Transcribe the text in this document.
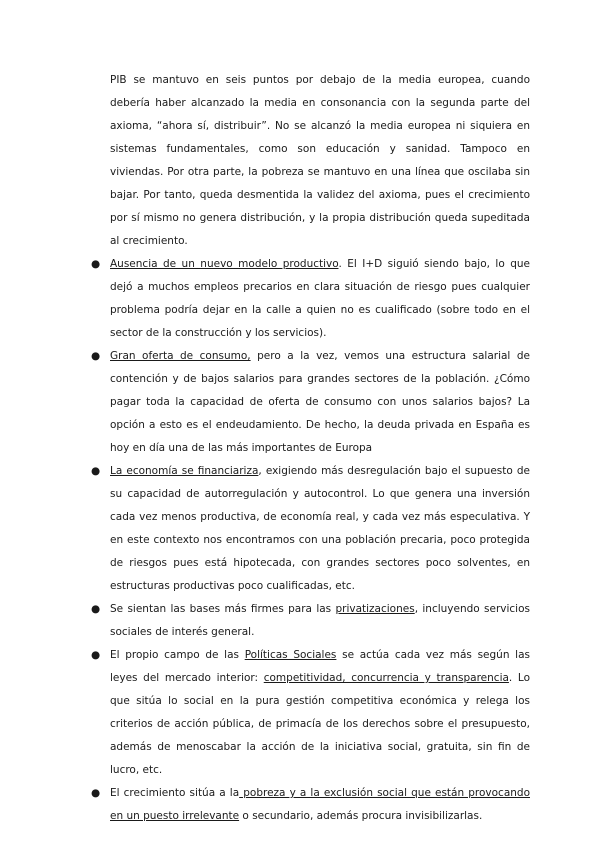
PIB se mantuvo en seis puntos por debajo de la media europea, cuando debería haber alcanzado la media en consonancia con la segunda parte del axioma, “ahora sí, distribuir”. No se alcanzó la media europea ni siquiera en sistemas fundamentales, como son educación y sanidad. Tampoco en viviendas. Por otra parte, la pobreza se mantuvo en una línea que oscilaba sin bajar. Por tanto, queda desmentida la validez del axioma, pues el crecimiento por sí mismo no genera distribución, y la propia distribución queda supeditada al crecimiento.

● Ausencia de un nuevo modelo productivo. El I+D siguió siendo bajo, lo que dejó a muchos empleos precarios en clara situación de riesgo pues cualquier problema podría dejar en la calle a quien no es cualificado (sobre todo en el sector de la construcción y los servicios).
● Gran oferta de consumo, pero a la vez, vemos una estructura salarial de contención y de bajos salarios para grandes sectores de la población. ¿Cómo pagar toda la capacidad de oferta de consumo con unos salarios bajos? La opción a esto es el endeudamiento. De hecho, la deuda privada en España es hoy en día una de las más importantes de Europa
● La economía se financiariza, exigiendo más desregulación bajo el supuesto de su capacidad de autorregulación y autocontrol. Lo que genera una inversión cada vez menos productiva, de economía real, y cada vez más especulativa. Y en este contexto nos encontramos con una población precaria, poco protegida de riesgos pues está hipotecada, con grandes sectores poco solventes, en estructuras productivas poco cualificadas, etc.
● Se sientan las bases más firmes para las privatizaciones, incluyendo servicios sociales de interés general.
● El propio campo de las Políticas Sociales se actúa cada vez más según las leyes del mercado interior: competitividad, concurrencia y transparencia. Lo que sitúa lo social en la pura gestión competitiva económica y relega los criterios de acción pública, de primacía de los derechos sobre el presupuesto, además de menoscabar la acción de la iniciativa social, gratuita, sin fin de lucro, etc.
● El crecimiento sitúa a la pobreza y a la exclusión social que están provocando en un puesto irrelevante o secundario, además procura invisibilizarlas.
